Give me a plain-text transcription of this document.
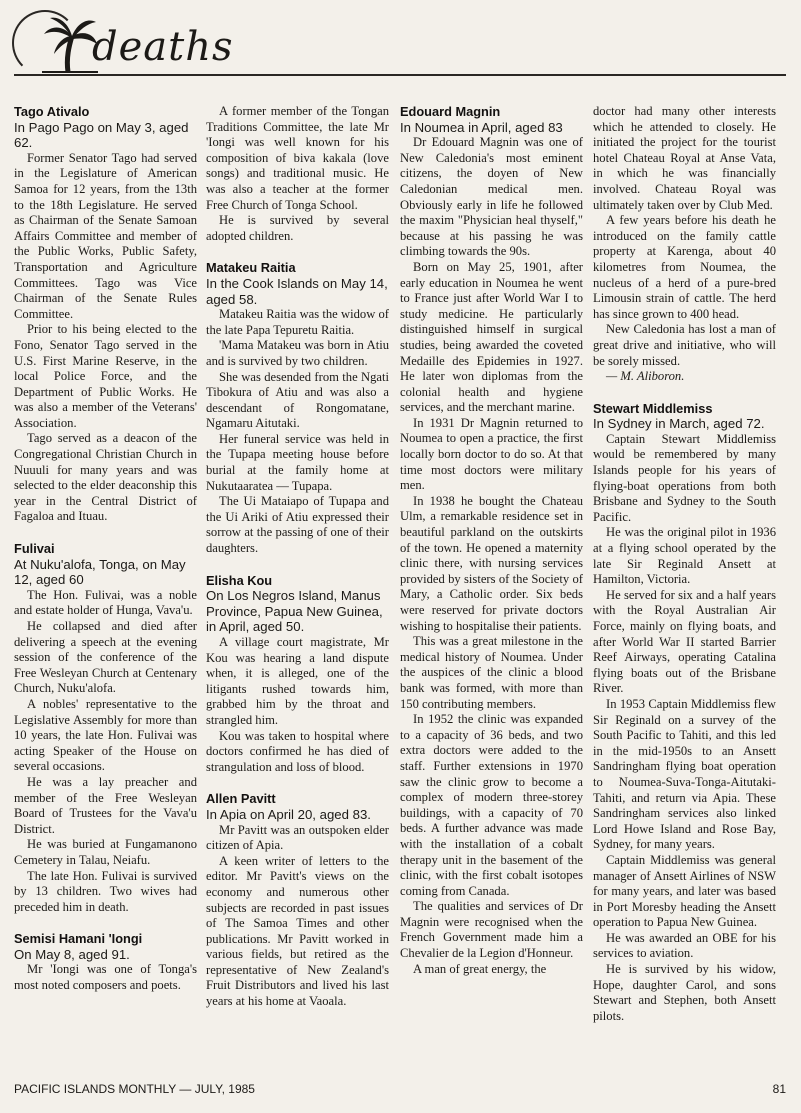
deaths
Tago Ativalo
In Pago Pago on May 3, aged 62.

Former Senator Tago had served in the Legislature of American Samoa for 12 years, from the 13th to the 18th Legislature. He served as Chairman of the Senate Samoan Affairs Committee and member of the Public Works, Public Safety, Transportation and Agriculture Committees. Tago was Vice Chairman of the Senate Rules Committee.

Prior to his being elected to the Fono, Senator Tago served in the U.S. First Marine Reserve, in the local Police Force, and the Department of Public Works. He was also a member of the Veterans' Association.

Tago served as a deacon of the Congregational Christian Church in Nuuuli for many years and was selected to the elder deaconship this year in the Central District of Fagaloa and Ituau.

Fulivai
At Nuku'alofa, Tonga, on May 12, aged 60

The Hon. Fulivai, was a noble and estate holder of Hunga, Vava'u.

He collapsed and died after delivering a speech at the evening session of the conference of the Free Wesleyan Church at Centenary Church, Nuku'alofa.

A nobles' representative to the Legislative Assembly for more than 10 years, the late Hon. Fulivai was acting Speaker of the House on several occasions.

He was a lay preacher and member of the Free Wesleyan Board of Trustees for the Vava'u District.

He was buried at Fungamanono Cemetery in Talau, Neiafu.

The late Hon. Fulivai is survived by 13 children. Two wives had preceded him in death.

Semisi Hamani 'Iongi
On May 8, aged 91.

Mr 'Iongi was one of Tonga's most noted composers and poets.

A former member of the Tongan Traditions Committee, the late Mr 'Iongi was well known for his composition of biva kakala (love songs) and traditional music. He was also a teacher at the former Free Church of Tonga School.

He is survived by several adopted children.

Matakeu Raitia
In the Cook Islands on May 14, aged 58.

Matakeu Raitia was the widow of the late Papa Tepuretu Raitia.

'Mama Matakeu was born in Atiu and is survived by two children.

She was desended from the Ngati Tibokura of Atiu and was also a descendant of Rongomatane, Ngamaru Aitutaki.

Her funeral service was held in the Tupapa meeting house before burial at the family home at Nukutaaratea — Tupapa.

The Ui Mataiapo of Tupapa and the Ui Ariki of Atiu expressed their sorrow at the passing of one of their daughters.

Elisha Kou
On Los Negros Island, Manus Province, Papua New Guinea, in April, aged 50.

A village court magistrate, Mr Kou was hearing a land dispute when, it is alleged, one of the litigants rushed towards him, grabbed him by the throat and strangled him.

Kou was taken to hospital where doctors confirmed he has died of strangulation and loss of blood.

Allen Pavitt
In Apia on April 20, aged 83.

Mr Pavitt was an outspoken elder citizen of Apia.

A keen writer of letters to the editor. Mr Pavitt's views on the economy and numerous other subjects are recorded in past issues of The Samoa Times and other publications. Mr Pavitt worked in various fields, but retired as the representative of New Zealand's Fruit Distributors and lived his last years at his home at Vaoala.

Edouard Magnin
In Noumea in April, aged 83

Dr Edouard Magnin was one of New Caledonia's most eminent citizens, the doyen of New Caledonian medical men. Obviously early in life he followed the maxim "Physician heal thyself," because at his passing he was climbing towards the 90s.

Born on May 25, 1901, after early education in Noumea he went to France just after World War I to study medicine. He particularly distinguished himself in surgical studies, being awarded the coveted Medaille des Epidemies in 1927. He later won diplomas from the colonial health and hygiene services, and the merchant marine.

In 1931 Dr Magnin returned to Noumea to open a practice, the first locally born doctor to do so. At that time most doctors were military men.

In 1938 he bought the Chateau Ulm, a remarkable residence set in beautiful parkland on the outskirts of the town. He opened a maternity clinic there, with nursing services provided by sisters of the Society of Mary, a Catholic order. Six beds were reserved for private doctors wishing to hospitalise their patients.

This was a great milestone in the medical history of Noumea. Under the auspices of the clinic a blood bank was formed, with more than 150 contributing members.

In 1952 the clinic was expanded to a capacity of 36 beds, and two extra doctors were added to the staff. Further extensions in 1970 saw the clinic grow to become a complex of modern three-storey buildings, with a capacity of 70 beds. A further advance was made with the installation of a cobalt therapy unit in the basement of the clinic, with the first cobalt isotopes coming from Canada.

The qualities and services of Dr Magnin were recognised when the French Government made him a Chevalier de la Legion d'Honneur.

A man of great energy, the

doctor had many other interests which he attended to closely. He initiated the project for the tourist hotel Chateau Royal at Anse Vata, in which he was financially involved. Chateau Royal was ultimately taken over by Club Med.

A few years before his death he introduced on the family cattle property at Karenga, about 40 kilometres from Noumea, the nucleus of a herd of a pure-bred Limousin strain of cattle. The herd has since grown to 400 head.

New Caledonia has lost a man of great drive and initiative, who will be sorely missed.

— M. Aliboron.

Stewart Middlemiss
In Sydney in March, aged 72.

Captain Stewart Middlemiss would be remembered by many Islands people for his years of flying-boat operations from both Brisbane and Sydney to the South Pacific.

He was the original pilot in 1936 at a flying school operated by the late Sir Reginald Ansett at Hamilton, Victoria.

He served for six and a half years with the Royal Australian Air Force, mainly on flying boats, and after World War II started Barrier Reef Airways, operating Catalina flying boats out of the Brisbane River.

In 1953 Captain Middlemiss flew Sir Reginald on a survey of the South Pacific to Tahiti, and this led in the mid-1950s to an Ansett Sandringham flying boat operation to Noumea-Suva-Tonga-Aitutaki-Tahiti, and return via Apia. These Sandringham services also linked Lord Howe Island and Rose Bay, Sydney, for many years.

Captain Middlemiss was general manager of Ansett Airlines of NSW for many years, and later was based in Port Moresby heading the Ansett operation to Papua New Guinea.

He was awarded an OBE for his services to aviation.

He is survived by his widow, Hope, daughter Carol, and sons Stewart and Stephen, both Ansett pilots.

PACIFIC ISLANDS MONTHLY — JULY, 1985	81
